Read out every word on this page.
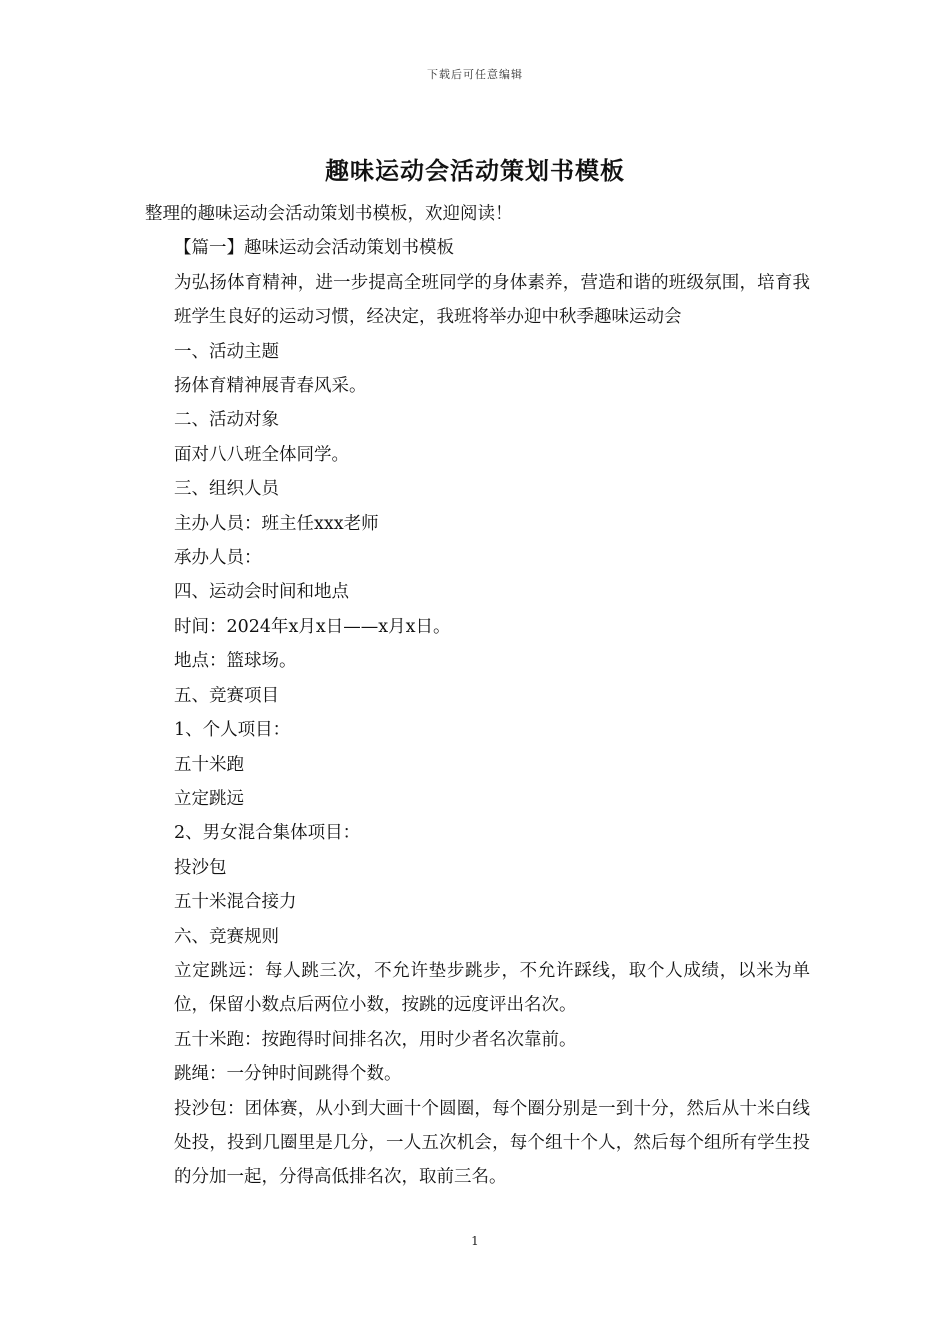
下载后可任意编辑
趣味运动会活动策划书模板

整理的趣味运动会活动策划书模板，欢迎阅读！

【篇一】趣味运动会活动策划书模板

为弘扬体育精神，进一步提高全班同学的身体素养，营造和谐的班级氛围，培育我班学生良好的运动习惯，经决定，我班将举办迎中秋季趣味运动会

一、活动主题

扬体育精神展青春风采。

二、活动对象

面对八八班全体同学。

三、组织人员

主办人员：班主任xxx老师

承办人员：

四、运动会时间和地点

时间：2024年x月x日——x月x日。

地点：篮球场。

五、竞赛项目

1、个人项目：

五十米跑

立定跳远

2、男女混合集体项目：

投沙包

五十米混合接力

六、竞赛规则

立定跳远：每人跳三次，不允许垫步跳步，不允许踩线，取个人成绩，以米为单位，保留小数点后两位小数，按跳的远度评出名次。

五十米跑：按跑得时间排名次，用时少者名次靠前。

跳绳：一分钟时间跳得个数。

投沙包：团体赛，从小到大画十个圆圈，每个圈分别是一到十分，然后从十米白线处投，投到几圈里是几分，一人五次机会，每个组十个人，然后每个组所有学生投的分加一起，分得高低排名次，取前三名。

1
